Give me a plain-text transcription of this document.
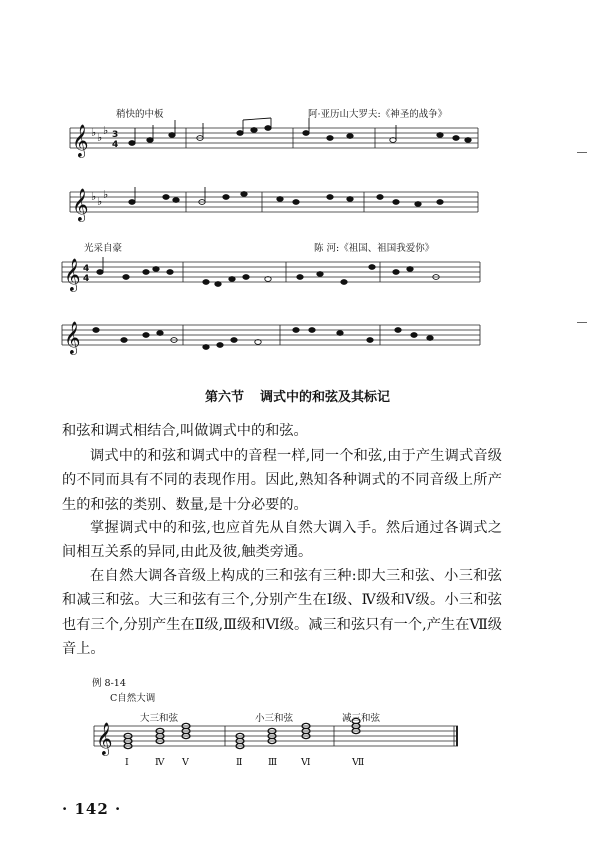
稍快的中板	阿·亚历山大罗夫:《神圣的战争》
光采自豪	陈 河:《祖国、祖国我爱你》
𝄞
𝄞
𝄞
𝄞
𝄞
♭ ♭
♭
♭ ♭
♭
3
4
4
4
第六节 调式中的和弦及其标记
和弦和调式相结合,叫做调式中的和弦。
调式中的和弦和调式中的音程一样,同一个和弦,由于产生调式音级的不同而具有不同的表现作用。因此,熟知各种调式的不同音级上所产生的和弦的类别、数量,是十分必要的。
掌握调式中的和弦,也应首先从自然大调入手。然后通过各调式之间相互关系的异同,由此及彼,触类旁通。
在自然大调各音级上构成的三和弦有三种:即大三和弦、小三和弦和减三和弦。大三和弦有三个,分别产生在Ⅰ级、Ⅳ级和Ⅴ级。小三和弦也有三个,分别产生在Ⅱ级,Ⅲ级和Ⅵ级。减三和弦只有一个,产生在Ⅶ级音上。
例 8-14
C自然大调
大三和弦	小三和弦	减三和弦
Ⅰ	Ⅳ Ⅴ	Ⅱ	Ⅲ	Ⅵ	Ⅶ
· 142 ·
